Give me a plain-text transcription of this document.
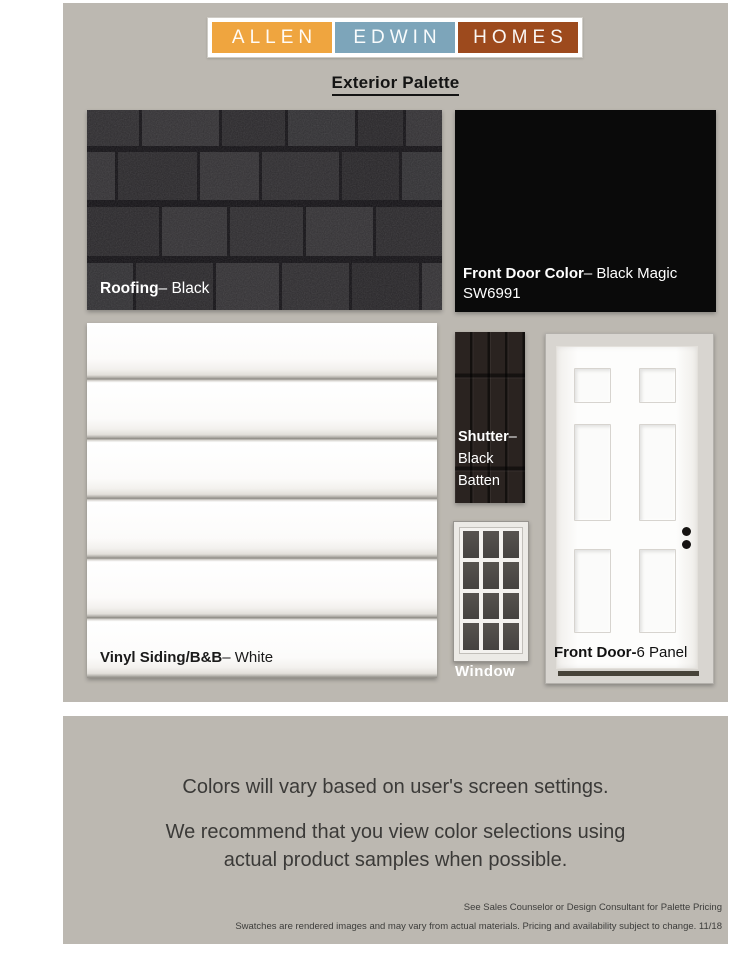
ALLEN	EDWIN	HOMES
Exterior Palette
Roofing– Black
Front Door Color– Black Magic
SW6991
Vinyl Siding/B&B– White
Shutter–
Black
Batten
Window
Front Door-6 Panel
Colors will vary based on user's screen settings.
We recommend that you view color selections using
actual product samples when possible.
See Sales Counselor or Design Consultant for Palette Pricing
Swatches are rendered images and may vary from actual materials. Pricing and availability subject to change. 11/18
